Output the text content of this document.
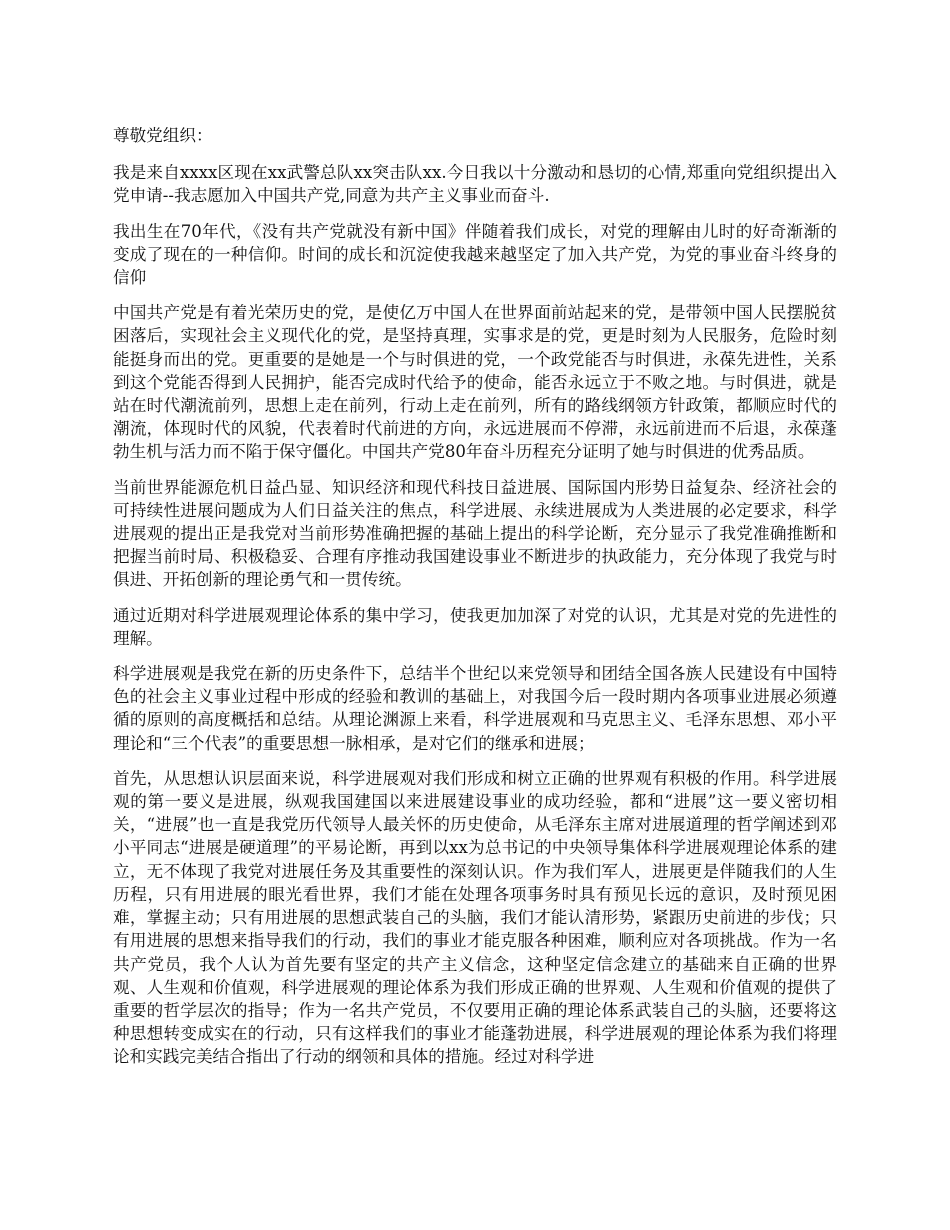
尊敬党组织：

我是来自xxxx区现在xx武警总队xx突击队xx.今日我以十分激动和恳切的心情,郑重向党组织提出入党申请--我志愿加入中国共产党,同意为共产主义事业而奋斗.

我出生在70年代，《没有共产党就没有新中国》伴随着我们成长，对党的理解由儿时的好奇渐渐的变成了现在的一种信仰。时间的成长和沉淀使我越来越坚定了加入共产党，为党的事业奋斗终身的信仰

中国共产党是有着光荣历史的党，是使亿万中国人在世界面前站起来的党，是带领中国人民摆脱贫困落后，实现社会主义现代化的党，是坚持真理，实事求是的党，更是时刻为人民服务，危险时刻能挺身而出的党。更重要的是她是一个与时俱进的党，一个政党能否与时俱进，永葆先进性，关系到这个党能否得到人民拥护，能否完成时代给予的使命，能否永远立于不败之地。与时俱进，就是站在时代潮流前列，思想上走在前列，行动上走在前列，所有的路线纲领方针政策，都顺应时代的潮流，体现时代的风貌，代表着时代前进的方向，永远进展而不停滞，永远前进而不后退，永葆蓬勃生机与活力而不陷于保守僵化。中国共产党80年奋斗历程充分证明了她与时俱进的优秀品质。

当前世界能源危机日益凸显、知识经济和现代科技日益进展、国际国内形势日益复杂、经济社会的可持续性进展问题成为人们日益关注的焦点，科学进展、永续进展成为人类进展的必定要求，科学进展观的提出正是我党对当前形势准确把握的基础上提出的科学论断，充分显示了我党准确推断和把握当前时局、积极稳妥、合理有序推动我国建设事业不断进步的执政能力，充分体现了我党与时俱进、开拓创新的理论勇气和一贯传统。

通过近期对科学进展观理论体系的集中学习，使我更加加深了对党的认识，尤其是对党的先进性的理解。

科学进展观是我党在新的历史条件下，总结半个世纪以来党领导和团结全国各族人民建设有中国特色的社会主义事业过程中形成的经验和教训的基础上，对我国今后一段时期内各项事业进展必须遵循的原则的高度概括和总结。从理论渊源上来看，科学进展观和马克思主义、毛泽东思想、邓小平理论和“三个代表”的重要思想一脉相承，是对它们的继承和进展；

首先，从思想认识层面来说，科学进展观对我们形成和树立正确的世界观有积极的作用。科学进展观的第一要义是进展，纵观我国建国以来进展建设事业的成功经验，都和“进展”这一要义密切相关，“进展”也一直是我党历代领导人最关怀的历史使命，从毛泽东主席对进展道理的哲学阐述到邓小平同志“进展是硬道理”的平易论断，再到以xx为总书记的中央领导集体科学进展观理论体系的建立，无不体现了我党对进展任务及其重要性的深刻认识。作为我们军人，进展更是伴随我们的人生历程，只有用进展的眼光看世界，我们才能在处理各项事务时具有预见长远的意识，及时预见困难，掌握主动；只有用进展的思想武装自己的头脑，我们才能认清形势，紧跟历史前进的步伐；只有用进展的思想来指导我们的行动，我们的事业才能克服各种困难，顺利应对各项挑战。作为一名共产党员，我个人认为首先要有坚定的共产主义信念，这种坚定信念建立的基础来自正确的世界观、人生观和价值观，科学进展观的理论体系为我们形成正确的世界观、人生观和价值观的提供了重要的哲学层次的指导；作为一名共产党员，不仅要用正确的理论体系武装自己的头脑，还要将这种思想转变成实在的行动，只有这样我们的事业才能蓬勃进展，科学进展观的理论体系为我们将理论和实践完美结合指出了行动的纲领和具体的措施。经过对科学进
